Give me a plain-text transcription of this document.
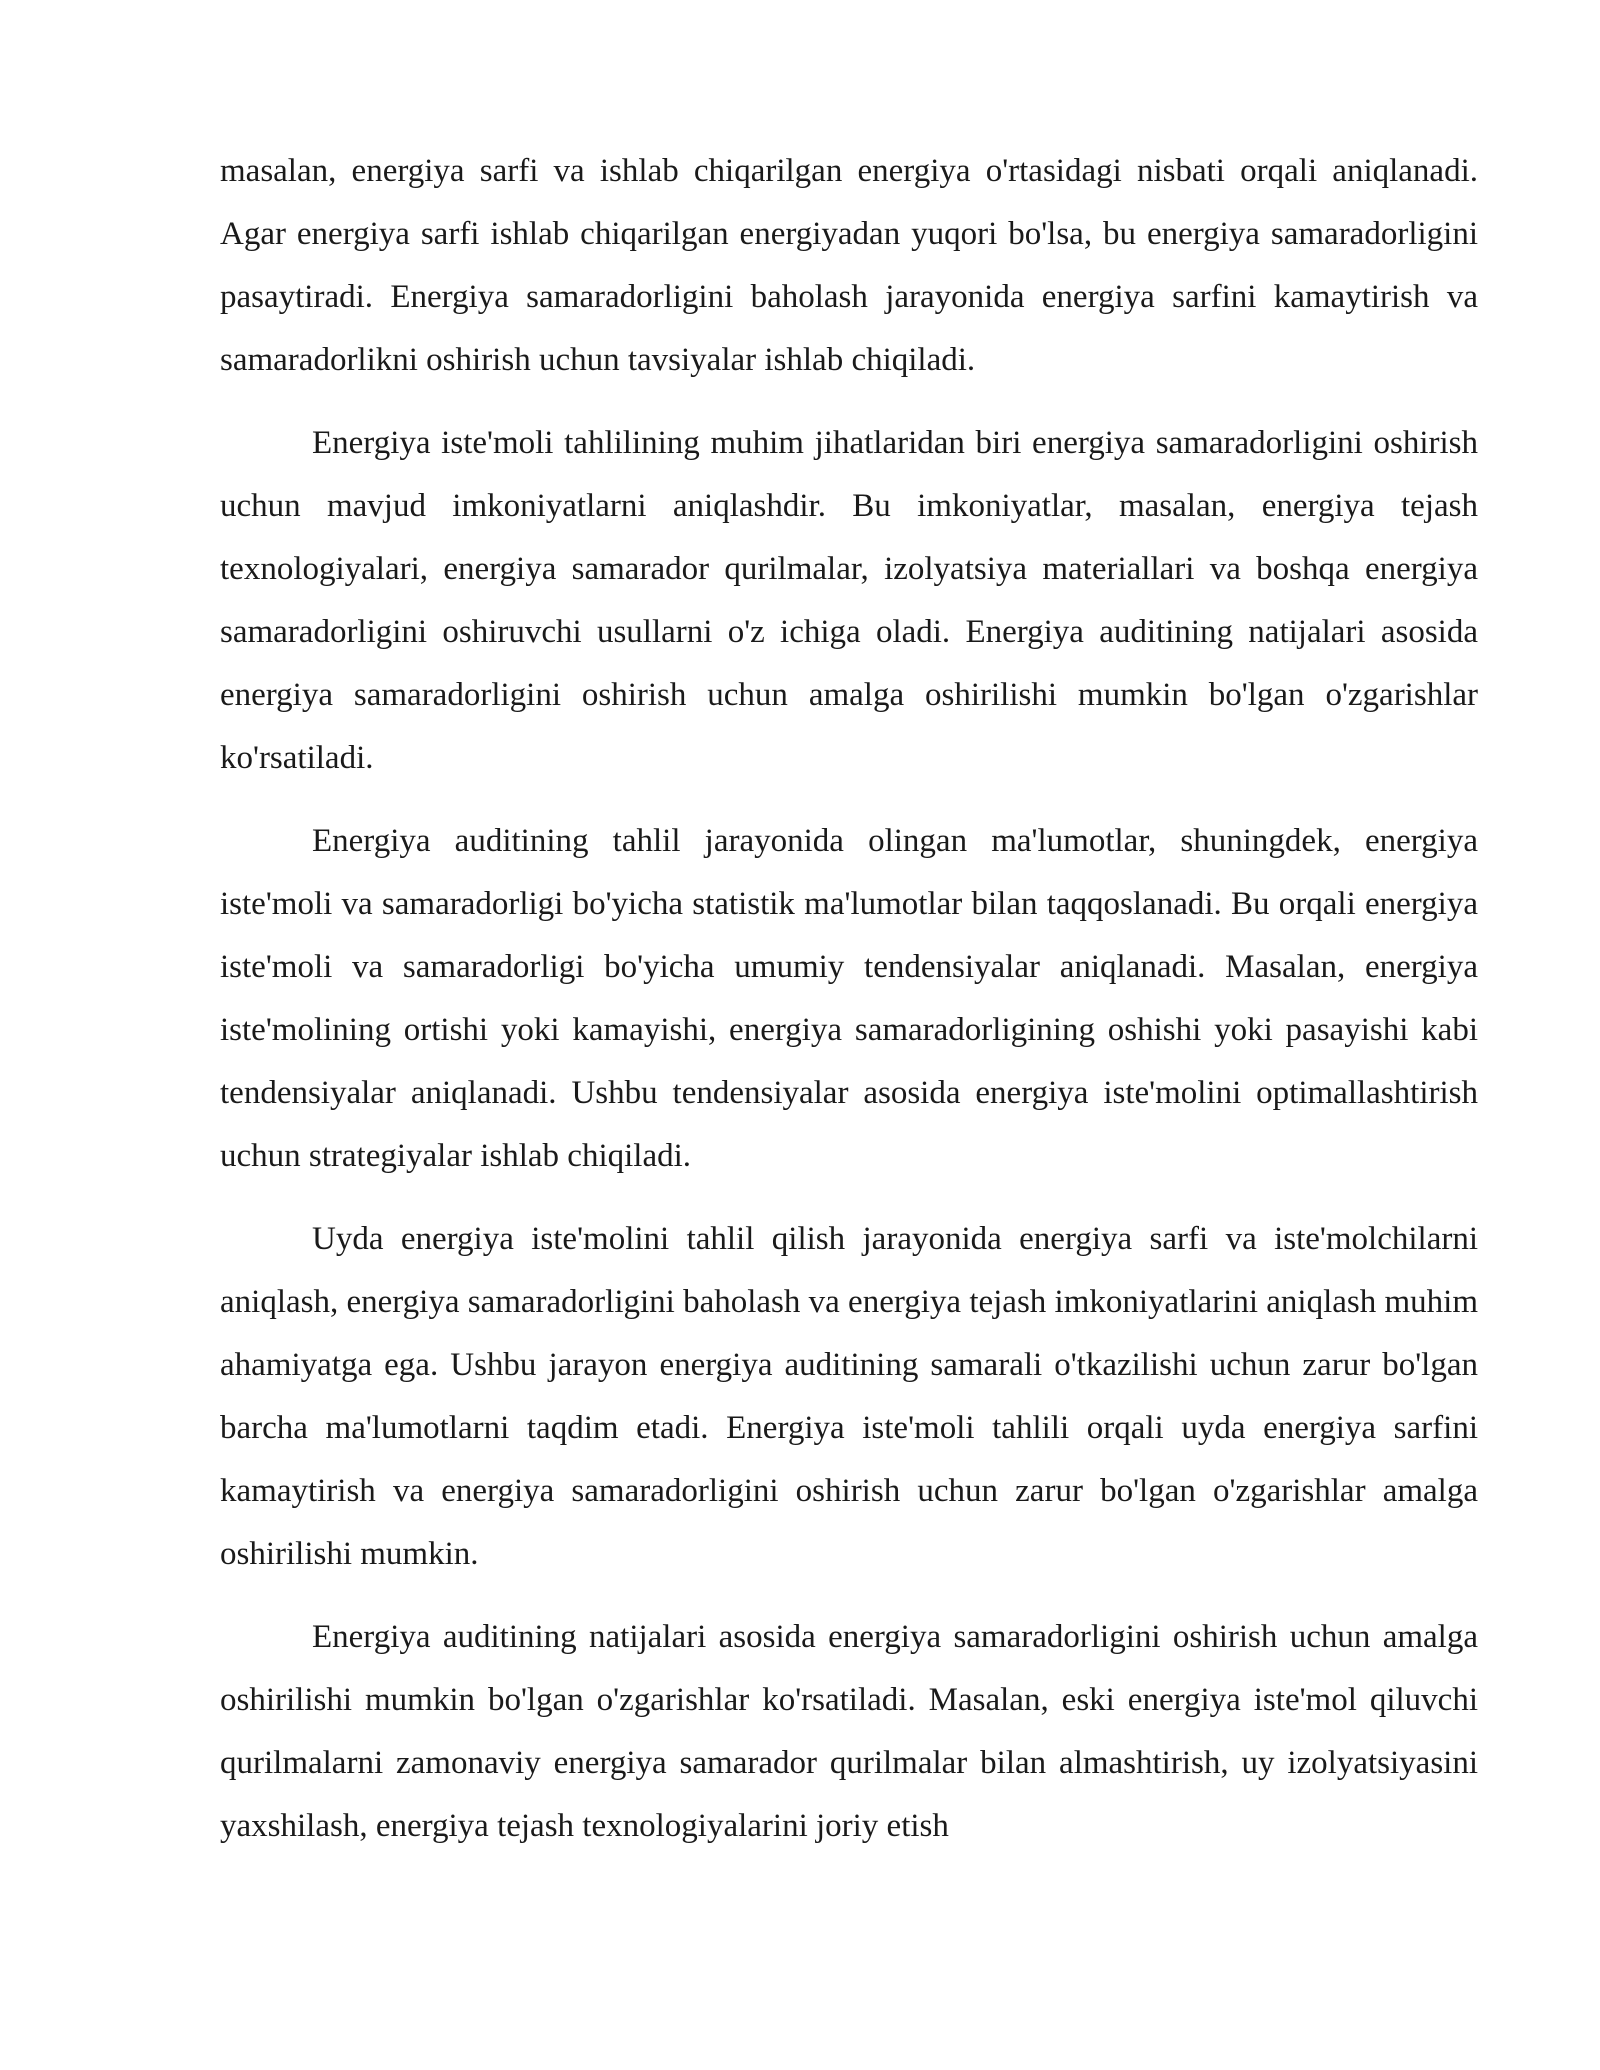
masalan, energiya sarfi va ishlab chiqarilgan energiya o'rtasidagi nisbati orqali aniqlanadi. Agar energiya sarfi ishlab chiqarilgan energiyadan yuqori bo'lsa, bu energiya samaradorligini pasaytiradi. Energiya samaradorligini baholash jarayonida energiya sarfini kamaytirish va samaradorlikni oshirish uchun tavsiyalar ishlab chiqiladi.

Energiya iste'moli tahlilining muhim jihatlaridan biri energiya samaradorligini oshirish uchun mavjud imkoniyatlarni aniqlashdir. Bu imkoniyatlar, masalan, energiya tejash texnologiyalari, energiya samarador qurilmalar, izolyatsiya materiallari va boshqa energiya samaradorligini oshiruvchi usullarni o'z ichiga oladi. Energiya auditining natijalari asosida energiya samaradorligini oshirish uchun amalga oshirilishi mumkin bo'lgan o'zgarishlar ko'rsatiladi.

Energiya auditining tahlil jarayonida olingan ma'lumotlar, shuningdek, energiya iste'moli va samaradorligi bo'yicha statistik ma'lumotlar bilan taqqoslanadi. Bu orqali energiya iste'moli va samaradorligi bo'yicha umumiy tendensiyalar aniqlanadi. Masalan, energiya iste'molining ortishi yoki kamayishi, energiya samaradorligining oshishi yoki pasayishi kabi tendensiyalar aniqlanadi. Ushbu tendensiyalar asosida energiya iste'molini optimallashtirish uchun strategiyalar ishlab chiqiladi.

Uyda energiya iste'molini tahlil qilish jarayonida energiya sarfi va iste'molchilarni aniqlash, energiya samaradorligini baholash va energiya tejash imkoniyatlarini aniqlash muhim ahamiyatga ega. Ushbu jarayon energiya auditining samarali o'tkazilishi uchun zarur bo'lgan barcha ma'lumotlarni taqdim etadi. Energiya iste'moli tahlili orqali uyda energiya sarfini kamaytirish va energiya samaradorligini oshirish uchun zarur bo'lgan o'zgarishlar amalga oshirilishi mumkin.

Energiya auditining natijalari asosida energiya samaradorligini oshirish uchun amalga oshirilishi mumkin bo'lgan o'zgarishlar ko'rsatiladi. Masalan, eski energiya iste'mol qiluvchi qurilmalarni zamonaviy energiya samarador qurilmalar bilan almashtirish, uy izolyatsiyasini yaxshilash, energiya tejash texnologiyalarini joriy etish
